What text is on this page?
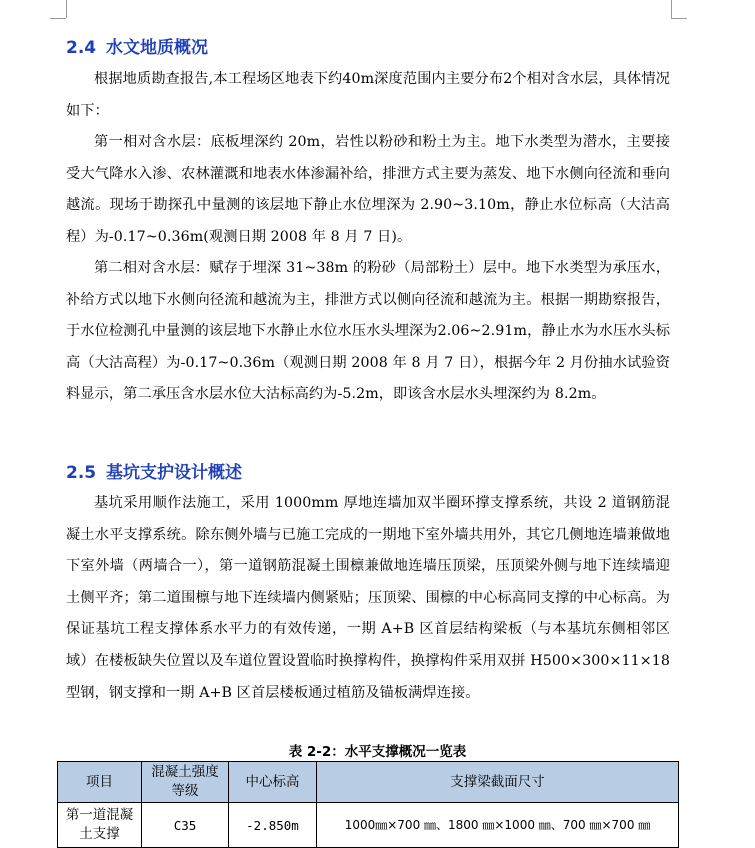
2.4 水文地质概况
根据地质勘查报告,本工程场区地表下约40m深度范围内主要分布2个相对含水层，具体情况如下：
第一相对含水层：底板埋深约 20m，岩性以粉砂和粉土为主。地下水类型为潜水，主要接受大气降水入渗、农林灌溉和地表水体渗漏补给，排泄方式主要为蒸发、地下水侧向径流和垂向越流。现场于勘探孔中量测的该层地下静止水位埋深为 2.90~3.10m，静止水位标高（大沽高程）为-0.17~0.36m(观测日期 2008 年 8 月 7 日)。
第二相对含水层：赋存于埋深 31~38m 的粉砂（局部粉土）层中。地下水类型为承压水，补给方式以地下水侧向径流和越流为主，排泄方式以侧向径流和越流为主。根据一期勘察报告，于水位检测孔中量测的该层地下水静止水位水压水头埋深为2.06~2.91m，静止水为水压水头标高（大沽高程）为-0.17~0.36m（观测日期 2008 年 8 月 7 日），根据今年 2 月份抽水试验资料显示，第二承压含水层水位大沽标高约为-5.2m，即该含水层水头埋深约为 8.2m。
2.5 基坑支护设计概述
基坑采用顺作法施工，采用 1000mm 厚地连墙加双半圈环撑支撑系统，共设 2 道钢筋混凝土水平支撑系统。除东侧外墙与已施工完成的一期地下室外墙共用外，其它几侧地连墙兼做地下室外墙（两墙合一），第一道钢筋混凝土围檩兼做地连墙压顶梁，压顶梁外侧与地下连续墙迎土侧平齐；第二道围檩与地下连续墙内侧紧贴；压顶梁、围檩的中心标高同支撑的中心标高。为保证基坑工程支撑体系水平力的有效传递，一期 A+B 区首层结构梁板（与本基坑东侧相邻区域）在楼板缺失位置以及车道位置设置临时换撑构件，换撑构件采用双拼 H500×300×11×18 型钢，钢支撑和一期 A+B 区首层楼板通过植筋及锚板满焊连接。
表 2-2：水平支撑概况一览表
项目	混凝土强度等级	中心标高	支撑梁截面尺寸
第一道混凝土支撑	C35	-2.850m	1000㎜×700 ㎜、1800 ㎜×1000 ㎜、700 ㎜×700 ㎜
